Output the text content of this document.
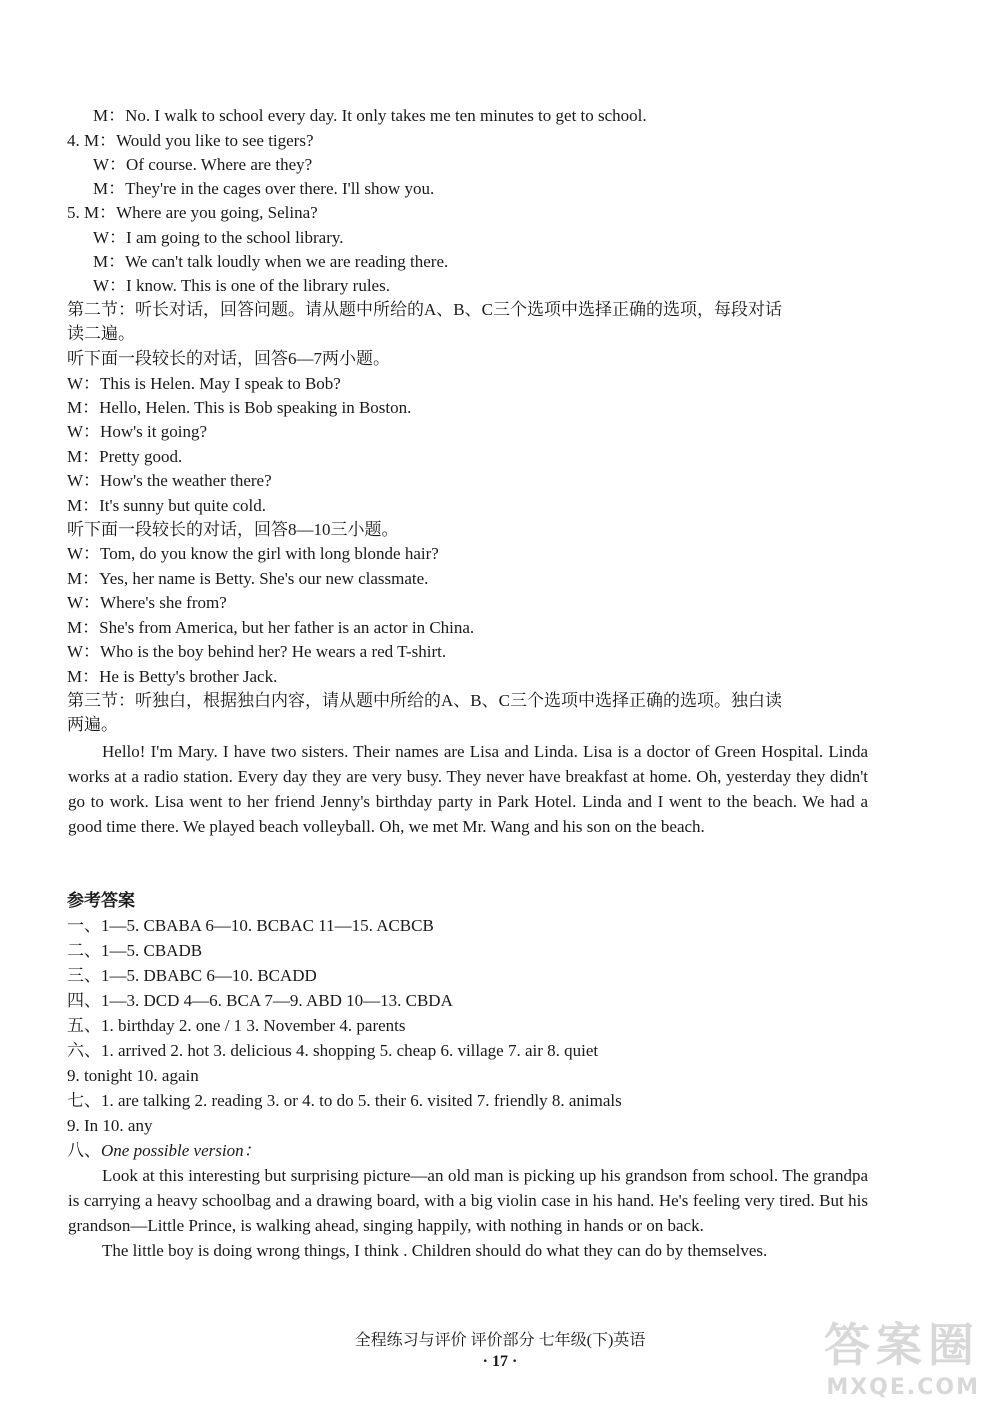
M：No. I walk to school every day. It only takes me ten minutes to get to school.
4. M：Would you like to see tigers?
W：Of course. Where are they?
M：They're in the cages over there. I'll show you.
5. M：Where are you going, Selina?
W：I am going to the school library.
M：We can't talk loudly when we are reading there.
W：I know. This is one of the library rules.
第二节：听长对话，回答问题。请从题中所给的A、B、C三个选项中选择正确的选项，每段对话
读二遍。
听下面一段较长的对话，回答6—7两小题。
W：This is Helen. May I speak to Bob?
M：Hello, Helen. This is Bob speaking in Boston.
W：How's it going?
M：Pretty good.
W：How's the weather there?
M：It's sunny but quite cold.
听下面一段较长的对话，回答8—10三小题。
W：Tom, do you know the girl with long blonde hair?
M：Yes, her name is Betty. She's our new classmate.
W：Where's she from?
M：She's from America, but her father is an actor in China.
W：Who is the boy behind her? He wears a red T-shirt.
M：He is Betty's brother Jack.
第三节：听独白，根据独白内容，请从题中所给的A、B、C三个选项中选择正确的选项。独白读
两遍。

Hello! I'm Mary. I have two sisters. Their names are Lisa and Linda. Lisa is a doctor of Green Hospital. Linda works at a radio station. Every day they are very busy. They never have breakfast at home. Oh, yesterday they didn't go to work. Lisa went to her friend Jenny's birthday party in Park Hotel. Linda and I went to the beach. We had a good time there. We played beach volleyball. Oh, we met Mr. Wang and his son on the beach.

参考答案
一、1—5. CBABA 6—10. BCBAC 11—15. ACBCB
二、1—5. CBADB
三、1—5. DBABC 6—10. BCADD
四、1—3. DCD 4—6. BCA 7—9. ABD 10—13. CBDA
五、1. birthday 2. one / 1 3. November 4. parents
六、1. arrived 2. hot 3. delicious 4. shopping 5. cheap 6. village 7. air 8. quiet
9. tonight 10. again
七、1. are talking 2. reading 3. or 4. to do 5. their 6. visited 7. friendly 8. animals
9. In 10. any
八、One possible version：

Look at this interesting but surprising picture—an old man is picking up his grandson from school. The grandpa is carrying a heavy schoolbag and a drawing board, with a big violin case in his hand. He's feeling very tired. But his grandson—Little Prince, is walking ahead, singing happily, with nothing in hands or on back.

The little boy is doing wrong things, I think . Children should do what they can do by themselves.

全程练习与评价 评价部分 七年级(下)英语
· 17 ·	答案圈
MXQE.COM
